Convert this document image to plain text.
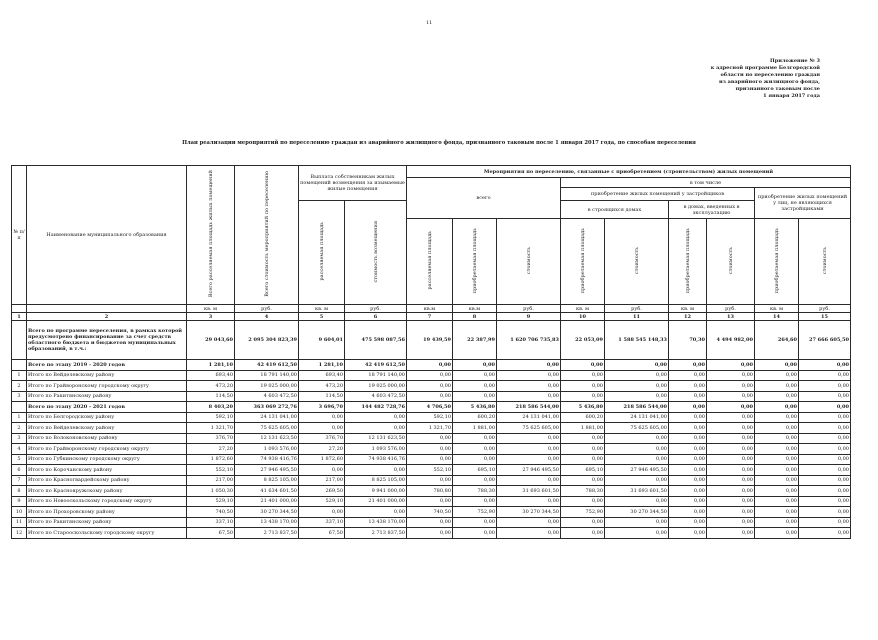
11
Приложение № 3
к адресной программе Белгородской
области по переселению граждан
из аварийного жилищного фонда,
признанного таковым после
1 января 2017 года
План реализации мероприятий по переселению граждан из аварийного жилищного фонда, признанного таковым после 1 января 2017 года, по способам переселения
№ п/п	Наименование муниципального образования	Всего расселяемая площадь жилых помещений	Всего стоимость мероприятий по переселению	Выплата собственникам жилых помещений возмещения за изымаемые жилые помещения		Мероприятия по переселению, связанные с приобретением (строительством) жилых помещений								
						всего			в том числе					
									приобретение жилых помещений у застройщиков				приобретение жилых помещений у лиц, не являющихся застройщиками	
				расселяемая площадь	стоимость возмещения				в строящихся домах		в домах, введенных в эксплуатацию			
						расселяемая площадь	приобретаемая площадь	стоимость	приобретаемая площадь	стоимость	приобретаемая площадь	стоимость	приобретаемая площадь	стоимость
		кв. м	руб.	кв. м	руб.	кв.м	кв.м	руб.	кв. м	руб.	кв. м	руб.	кв. м	руб.
1	2	3	4	5	6	7	8	9	10	11	12	13	14	15
	Всего по программе переселения, в рамках которой предусмотрено финансирование за счет средств областного бюджета и бюджетов муниципальных образований, в т.ч.:	29 043,60	2 095 304 823,39	9 604,01	475 598 087,56	19 439,59	22 387,99	1 620 706 735,83	22 053,09	1 588 545 148,33	70,30	4 494 982,00	264,60	27 666 605,50
	Всего по этапу 2019 - 2020 годов	1 281,10	42 419 612,50	1 281,10	42 419 612,50	0,00	0,00	0,00	0,00	0,00	0,00	0,00	0,00	0,00
1	Итого по Вейделевскому району	693,40	18 791 140,00	693,40	18 791 140,00	0,00	0,00	0,00	0,00	0,00	0,00	0,00	0,00	0,00
2	Итого по Грайворонскому городскому округу	473,20	19 025 000,00	473,20	19 025 000,00	0,00	0,00	0,00	0,00	0,00	0,00	0,00	0,00	0,00
3	Итого по Ракитянскому району	114,50	4 603 472,50	114,50	4 603 472,50	0,00	0,00	0,00	0,00	0,00	0,00	0,00	0,00	0,00
	Всего по этапу 2020 - 2021 годов	8 403,20	363 069 272,76	3 696,70	144 482 728,76	4 706,50	5 436,80	218 586 544,00	5 436,80	218 586 544,00	0,00	0,00	0,00	0,00
1	Итого по Белгородскому району	592,10	24 131 041,00	0,00	0,00	592,10	600,20	24 131 041,00	600,20	24 131 041,00	0,00	0,00	0,00	0,00
2	Итого по Вейделевскому району	1 321,70	75 625 605,00	0,00	0,00	1 321,70	1 881,00	75 625 605,00	1 881,00	75 625 605,00	0,00	0,00	0,00	0,00
3	Итого по Волоконовскому району	376,70	12 131 623,50	376,70	12 131 623,50	0,00	0,00	0,00	0,00	0,00	0,00	0,00	0,00	0,00
4	Итого по Грайворонскому городскому округу	27,20	1 093 576,00	27,20	1 093 576,00	0,00	0,00	0,00	0,00	0,00	0,00	0,00	0,00	0,00
5	Итого по Губкинскому городскому округу	1 872,60	74 938 416,76	1 872,60	74 938 416,76	0,00	0,00	0,00	0,00	0,00	0,00	0,00	0,00	0,00
6	Итого по Корочанскому району	552,10	27 946 495,50	0,00	0,00	552,10	695,10	27 946 495,50	695,10	27 946 495,50	0,00	0,00	0,00	0,00
7	Итого по Красногвардейскому району	217,00	8 825 105,00	217,00	8 825 105,00	0,00	0,00	0,00	0,00	0,00	0,00	0,00	0,00	0,00
8	Итого по Краснояружскому району	1 050,30	41 634 601,50	269,50	9 941 000,00	780,80	788,30	31 693 601,50	788,30	31 693 601,50	0,00	0,00	0,00	0,00
9	Итого по Новооскольскому городскому округу	529,10	21 401 000,00	529,10	21 401 000,00	0,00	0,00	0,00	0,00	0,00	0,00	0,00	0,00	0,00
10	Итого по Прохоровскому району	740,50	30 270 344,50	0,00	0,00	740,50	752,90	30 270 344,50	752,90	30 270 344,50	0,00	0,00	0,00	0,00
11	Итого по Ракитянскому району	337,10	13 438 170,00	337,10	13 438 170,00	0,00	0,00	0,00	0,00	0,00	0,00	0,00	0,00	0,00
12	Итого по Старооскольскому городскому округу	67,50	2 713 837,50	67,50	2 713 837,50	0,00	0,00	0,00	0,00	0,00	0,00	0,00	0,00	0,00
